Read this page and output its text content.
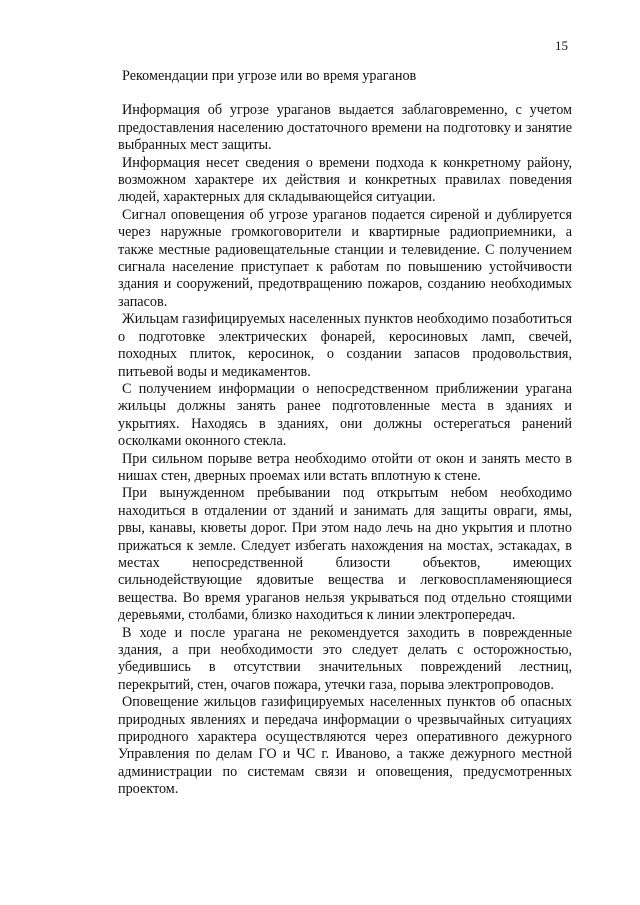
15
Рекомендации при угрозе или во время ураганов

Информация об угрозе ураганов выдается заблаговременно, с учетом предоставления населению достаточного времени на подготовку и занятие выбранных мест защиты.

Информация несет сведения о времени подхода к конкретному району, возможном характере их действия и конкретных правилах поведения людей, характерных для складывающейся ситуации.

Сигнал оповещения об угрозе ураганов подается сиреной и дублируется через наружные громкоговорители и квартирные радиоприемники, а также местные радиовещательные станции и телевидение. С получением сигнала население приступает к работам по повышению устойчивости здания и сооружений, предотвращению пожаров, созданию необходимых запасов.

Жильцам газифицируемых населенных пунктов необходимо позаботиться о подготовке электрических фонарей, керосиновых ламп, свечей, походных плиток, керосинок, о создании запасов продовольствия, питьевой воды и медикаментов.

С получением информации о непосредственном приближении урагана жильцы должны занять ранее подготовленные места в зданиях и укрытиях. Находясь в зданиях, они должны остерегаться ранений осколками оконного стекла.

При сильном порыве ветра необходимо отойти от окон и занять место в нишах стен, дверных проемах или встать вплотную к стене.

При вынужденном пребывании под открытым небом необходимо находиться в отдалении от зданий и занимать для защиты овраги, ямы, рвы, канавы, кюветы дорог. При этом надо лечь на дно укрытия и плотно прижаться к земле. Следует избегать нахождения на мостах, эстакадах, в местах непосредственной близости объектов, имеющих сильнодействующие ядовитые вещества и легковоспламеняющиеся вещества. Во время ураганов нельзя укрываться под отдельно стоящими деревьями, столбами, близко находиться к линии электропередач.

В ходе и после урагана не рекомендуется заходить в поврежденные здания, а при необходимости это следует делать с осторожностью, убедившись в отсутствии значительных повреждений лестниц, перекрытий, стен, очагов пожара, утечки газа, порыва электропроводов.

Оповещение жильцов газифицируемых населенных пунктов об опасных природных явлениях и передача информации о чрезвычайных ситуациях природного характера осуществляются через оперативного дежурного Управления по делам ГО и ЧС г. Иваново, а также дежурного местной администрации по системам связи и оповещения, предусмотренных проектом.
